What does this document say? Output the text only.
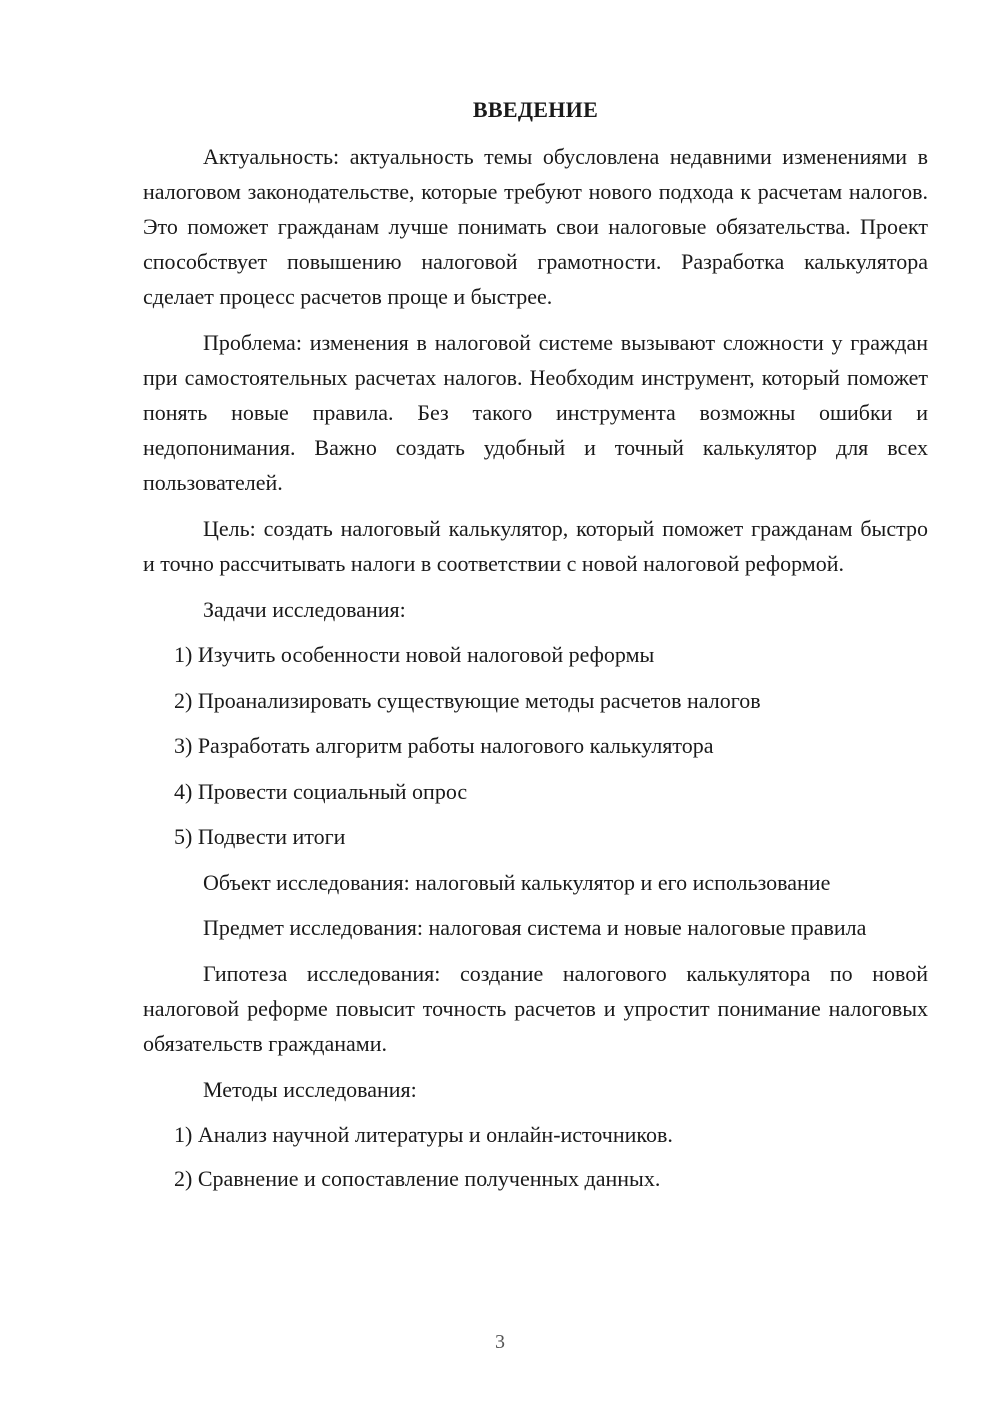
ВВЕДЕНИЕ

Актуальность: актуальность темы обусловлена недавними изменениями в налоговом законодательстве, которые требуют нового подхода к расчетам налогов. Это поможет гражданам лучше понимать свои налоговые обязательства. Проект способствует повышению налоговой грамотности. Разработка калькулятора сделает процесс расчетов проще и быстрее.

Проблема: изменения в налоговой системе вызывают сложности у граждан при самостоятельных расчетах налогов. Необходим инструмент, который поможет понять новые правила. Без такого инструмента возможны ошибки и недопонимания. Важно создать удобный и точный калькулятор для всех пользователей.

Цель: создать налоговый калькулятор, который поможет гражданам быстро и точно рассчитывать налоги в соответствии с новой налоговой реформой.

Задачи исследования:

1) Изучить особенности новой налоговой реформы
2) Проанализировать существующие методы расчетов налогов
3) Разработать алгоритм работы налогового калькулятора
4) Провести социальный опрос
5) Подвести итоги

Объект исследования: налоговый калькулятор и его использование

Предмет исследования: налоговая система и новые налоговые правила

Гипотеза исследования: создание налогового калькулятора по новой налоговой реформе повысит точность расчетов и упростит понимание налоговых обязательств гражданами.

Методы исследования:

1) Анализ научной литературы и онлайн-источников.
2) Сравнение и сопоставление полученных данных.
3
